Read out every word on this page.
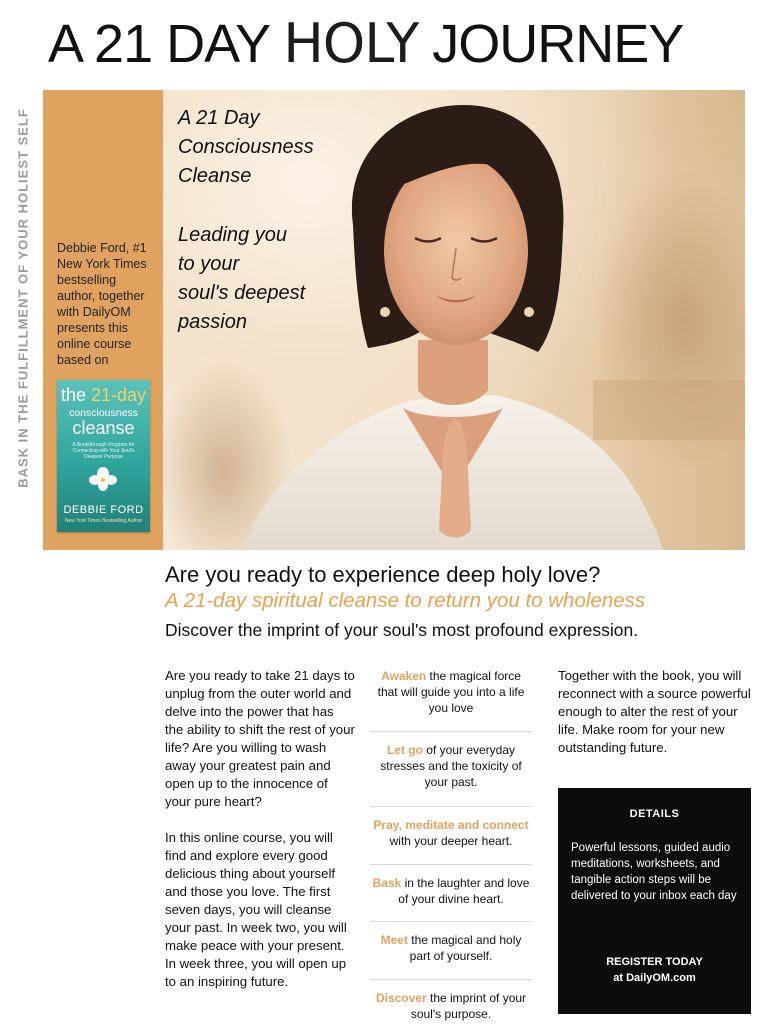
A 21 DAY HOLY JOURNEY
BASK IN THE FULFILLMENT OF YOUR HOLIEST SELF Debbie Ford, #1 New York Times bestselling author, together with DailyOM presents this online course based on
the 21-day
consciousness
cleanse
A Breakthrough Program for Connecting with Your Soul's Deepest Purpose
DEBBIE FORD
New York Times Bestselling Author
A 21 Day
Consciousness
Cleanse
Leading you
to your
soul's deepest
passion
Are you ready to experience deep holy love?
A 21-day spiritual cleanse to return you to wholeness
Discover the imprint of your soul's most profound expression.

Are you ready to take 21 days to unplug from the outer world and delve into the power that has the ability to shift the rest of your life? Are you willing to wash away your greatest pain and open up to the innocence of your pure heart?

In this online course, you will find and explore every good delicious thing about yourself and those you love. The first seven days, you will cleanse your past. In week two, you will make peace with your present. In week three, you will open up to an inspiring future.

Awaken the magical force that will guide you into a life you love
Let go of your everyday stresses and the toxicity of your past.
Pray, meditate and connect with your deeper heart.
Bask in the laughter and love of your divine heart.
Meet the magical and holy part of yourself.
Discover the imprint of your soul's purpose.
Together with the book, you will reconnect with a source powerful enough to alter the rest of your life. Make room for your new outstanding future.
DETAILS
Powerful lessons, guided audio meditations, worksheets, and tangible action steps will be delivered to your inbox each day
REGISTER TODAY
at DailyOM.com
